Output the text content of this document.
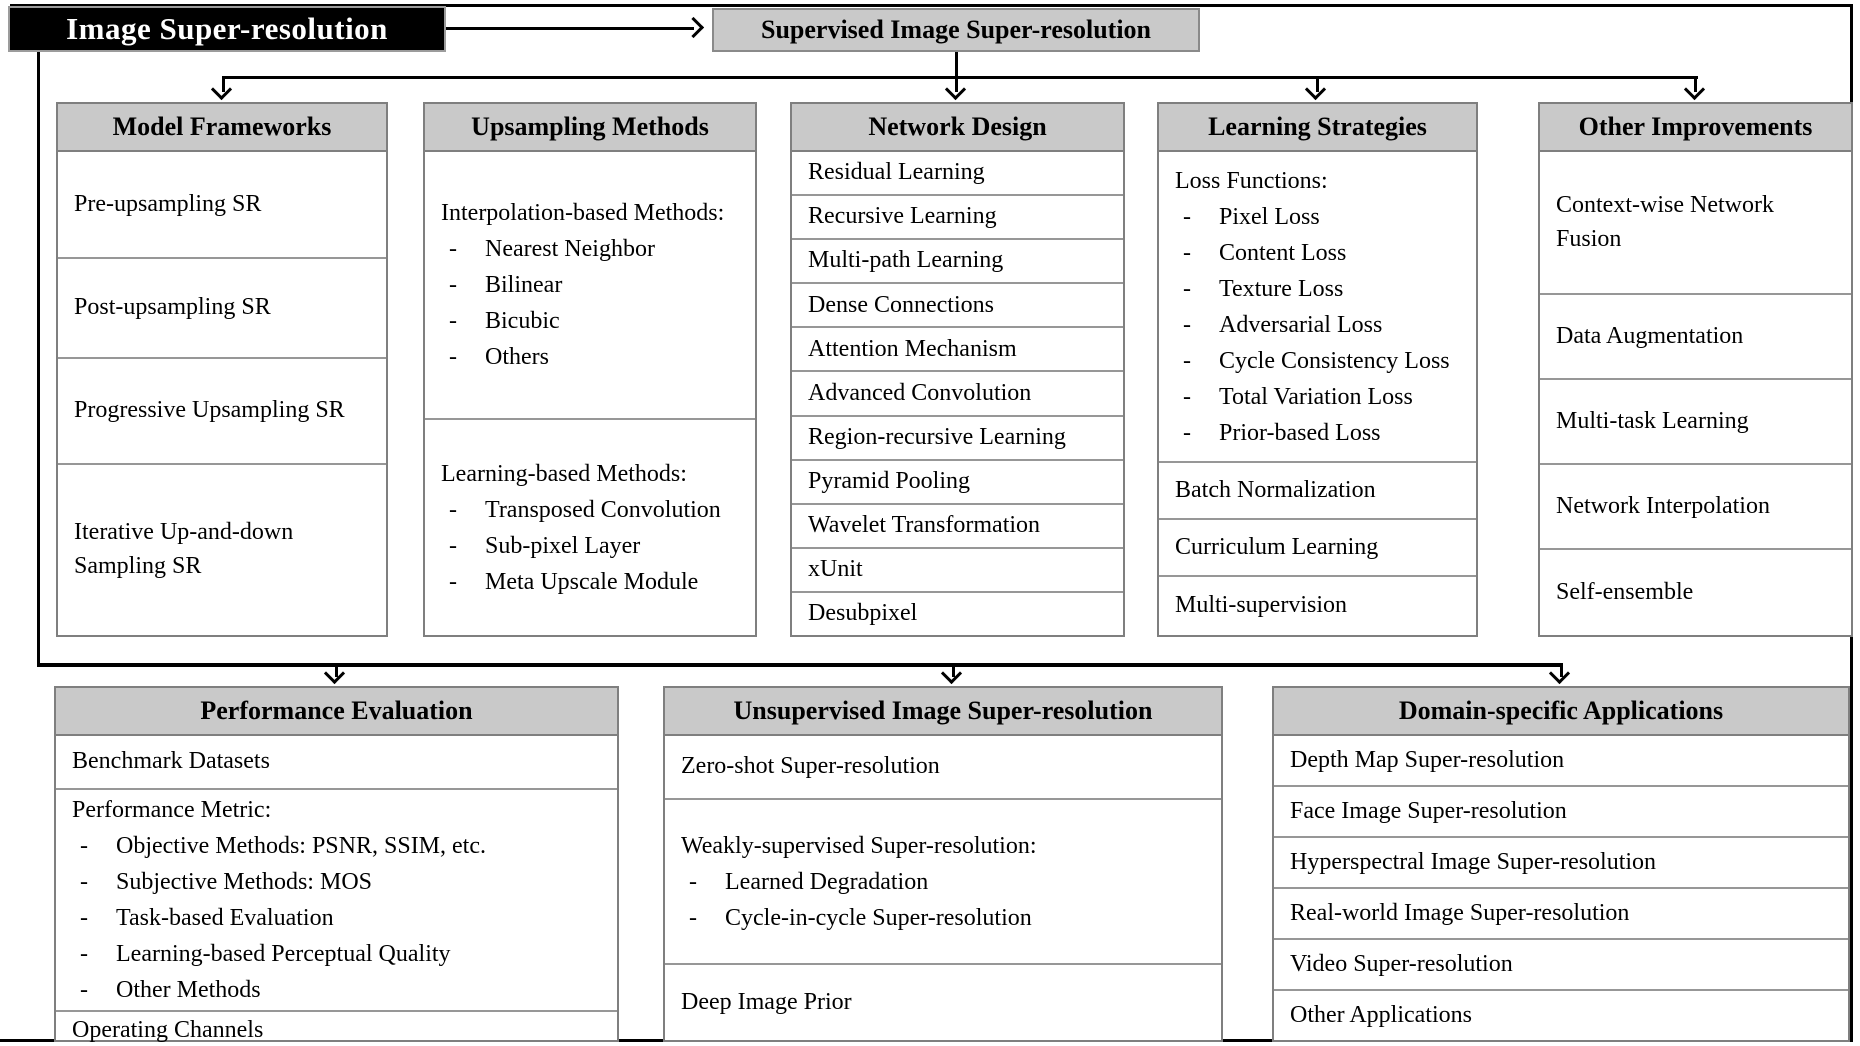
Image Super-resolution	Supervised Image Super-resolution
Model Frameworks
Pre-upsampling SR
Post-upsampling SR
Progressive Upsampling SR
Iterative Up-and-down Sampling SR
Upsampling Methods
Interpolation-based Methods:
- Nearest Neighbor
- Bilinear
- Bicubic
- Others
Learning-based Methods:
- Transposed Convolution
- Sub-pixel Layer
- Meta Upscale Module
Network Design
Residual Learning
Recursive Learning
Multi-path Learning
Dense Connections
Attention Mechanism
Advanced Convolution
Region-recursive Learning
Pyramid Pooling
Wavelet Transformation
xUnit
Desubpixel
Learning Strategies
Loss Functions:
- Pixel Loss
- Content Loss
- Texture Loss
- Adversarial Loss
- Cycle Consistency Loss
- Total Variation Loss
- Prior-based Loss
Batch Normalization
Curriculum Learning
Multi-supervision
Other Improvements
Context-wise Network Fusion
Data Augmentation
Multi-task Learning
Network Interpolation
Self-ensemble
Performance Evaluation
Benchmark Datasets
Performance Metric:
- Objective Methods: PSNR, SSIM, etc.
- Subjective Methods: MOS
- Task-based Evaluation
- Learning-based Perceptual Quality
- Other Methods
Operating Channels
Unsupervised Image Super-resolution
Zero-shot Super-resolution
Weakly-supervised Super-resolution:
- Learned Degradation
- Cycle-in-cycle Super-resolution
Deep Image Prior
Domain-specific Applications
Depth Map Super-resolution
Face Image Super-resolution
Hyperspectral Image Super-resolution
Real-world Image Super-resolution
Video Super-resolution
Other Applications
